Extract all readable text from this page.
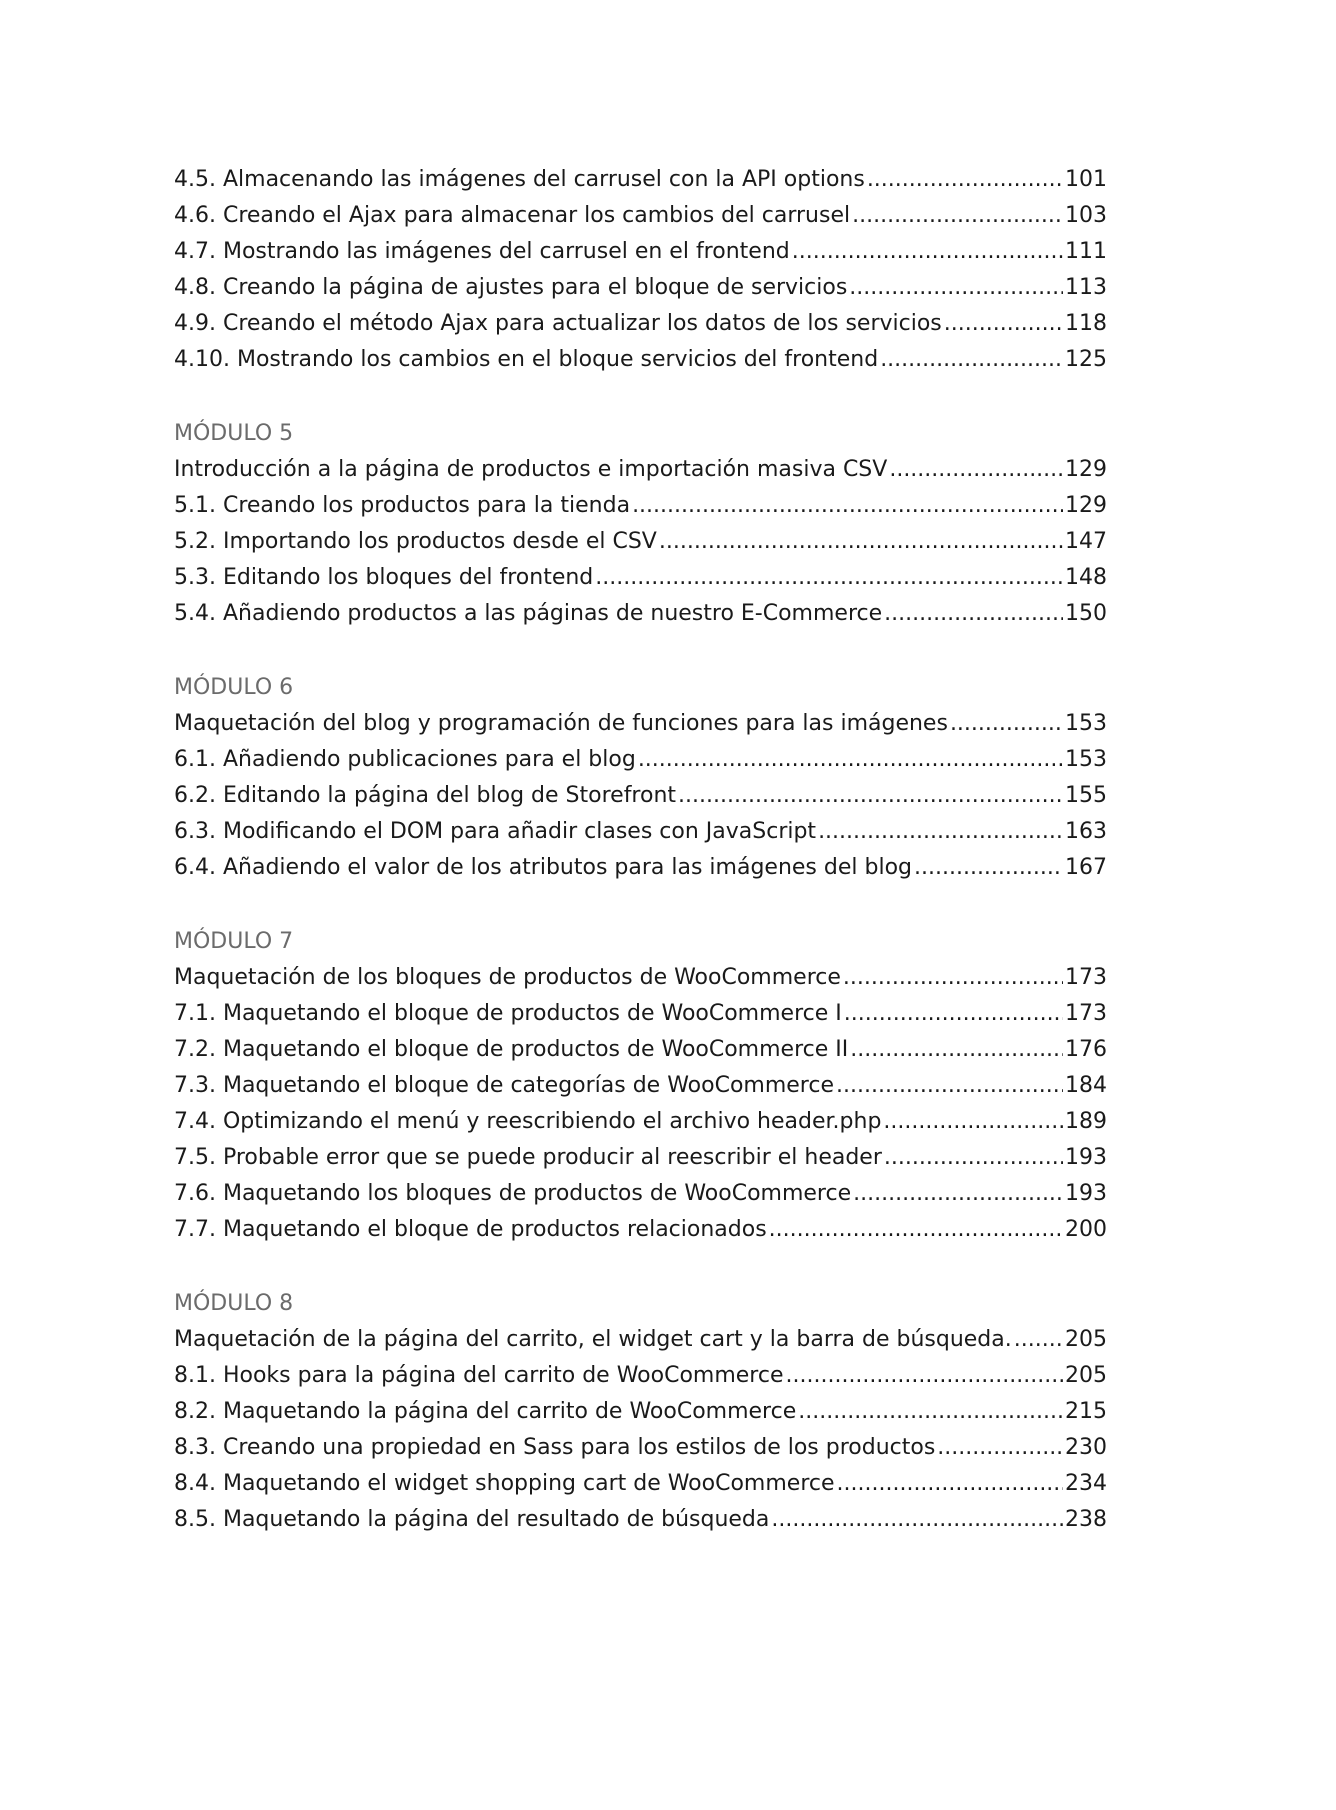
4.5. Almacenando las imágenes del carrusel con la API options .....	101
4.6. Creando el Ajax para almacenar los cambios del carrusel .....	103
4.7. Mostrando las imágenes del carrusel en el frontend .....	111
4.8. Creando la página de ajustes para el bloque de servicios .....	113
4.9. Creando el método Ajax para actualizar los datos de los servicios .....	118
4.10. Mostrando los cambios en el bloque servicios del frontend .....	125
MÓDULO 5
Introducción a la página de productos e importación masiva CSV .....	129
5.1. Creando los productos para la tienda .....	129
5.2. Importando los productos desde el CSV .....	147
5.3. Editando los bloques del frontend .....	148
5.4. Añadiendo productos a las páginas de nuestro E-Commerce .....	150
MÓDULO 6
Maquetación del blog y programación de funciones para las imágenes .....	153
6.1. Añadiendo publicaciones para el blog .....	153
6.2. Editando la página del blog de Storefront .....	155
6.3. Modificando el DOM para añadir clases con JavaScript .....	163
6.4. Añadiendo el valor de los atributos para las imágenes del blog .....	167
MÓDULO 7
Maquetación de los bloques de productos de WooCommerce .....	173
7.1. Maquetando el bloque de productos de WooCommerce I .....	173
7.2. Maquetando el bloque de productos de WooCommerce II .....	176
7.3. Maquetando el bloque de categorías de WooCommerce .....	184
7.4. Optimizando el menú y reescribiendo el archivo header.php .....	189
7.5. Probable error que se puede producir al reescribir el header .....	193
7.6. Maquetando los bloques de productos de WooCommerce .....	193
7.7. Maquetando el bloque de productos relacionados .....	200
MÓDULO 8
Maquetación de la página del carrito, el widget cart y la barra de búsqueda. ..... 205
8.1. Hooks para la página del carrito de WooCommerce .....	205
8.2. Maquetando la página del carrito de WooCommerce .....	215
8.3. Creando una propiedad en Sass para los estilos de los productos .....	230
8.4. Maquetando el widget shopping cart de WooCommerce .....	234
8.5. Maquetando la página del resultado de búsqueda .....	238
